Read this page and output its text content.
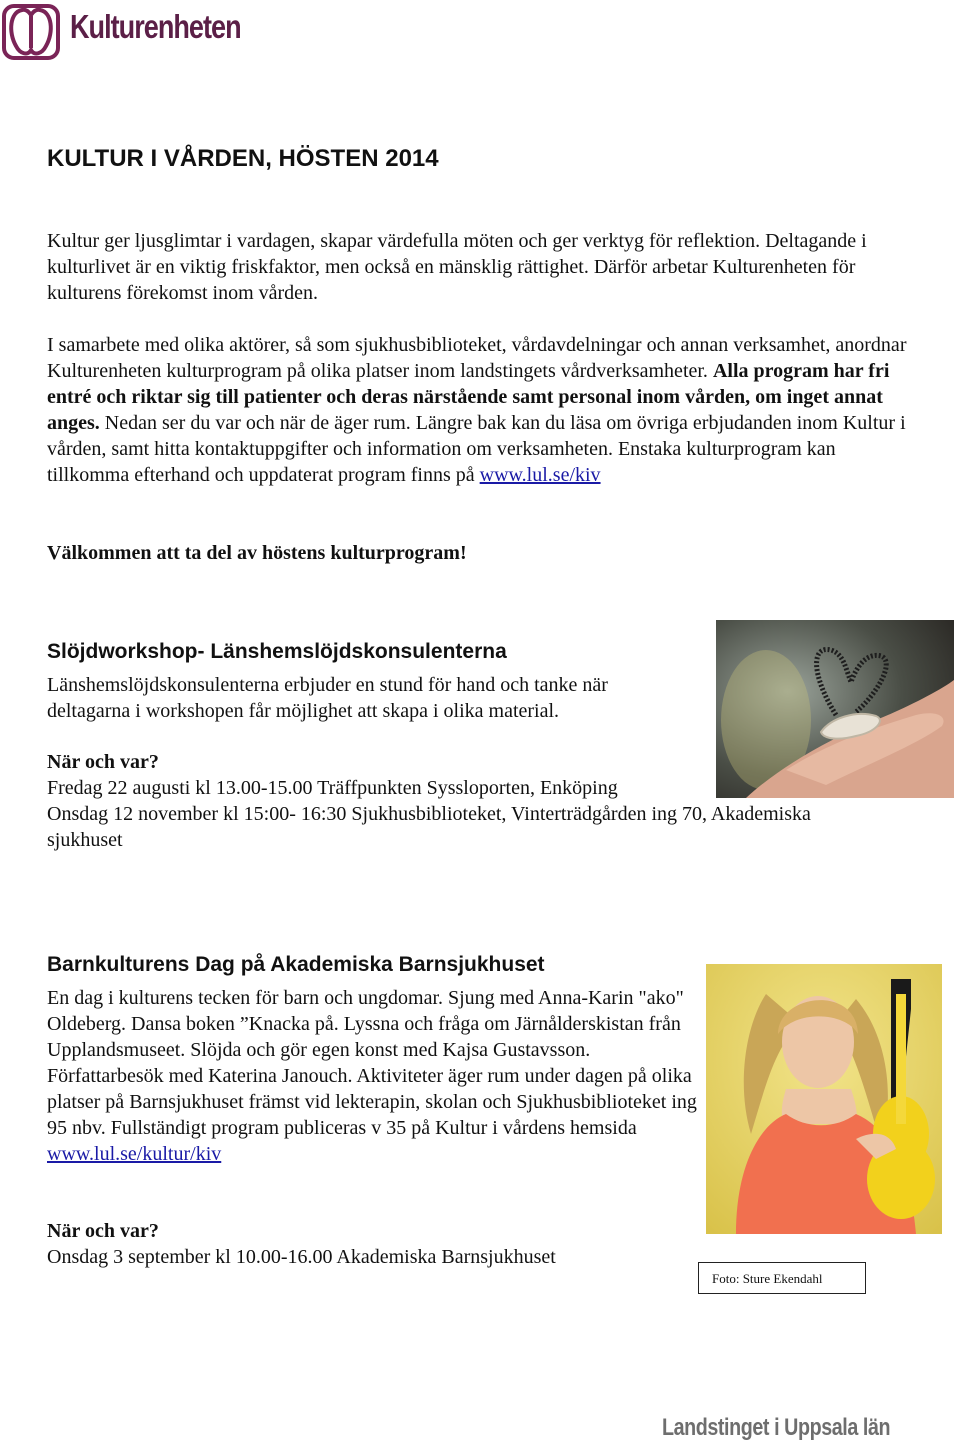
Kulturenheten
KULTUR I VÅRDEN, HÖSTEN 2014
Kultur ger ljusglimtar i vardagen, skapar värdefulla möten och ger verktyg för reflektion. Deltagande i kulturlivet är en viktig friskfaktor, men också en mänsklig rättighet. Därför arbetar Kulturenheten för kulturens förekomst inom vården.
I samarbete med olika aktörer, så som sjukhusbiblioteket, vårdavdelningar och annan verksamhet, anordnar Kulturenheten kulturprogram på olika platser inom landstingets vårdverksamheter. Alla program har fri entré och riktar sig till patienter och deras närstående samt personal inom vården, om inget annat anges. Nedan ser du var och när de äger rum. Längre bak kan du läsa om övriga erbjudanden inom Kultur i vården, samt hitta kontaktuppgifter och information om verksamheten. Enstaka kulturprogram kan tillkomma efterhand och uppdaterat program finns på www.lul.se/kiv
Välkommen att ta del av höstens kulturprogram!
Slöjdworkshop- Länshemslöjdskonsulenterna
Länshemslöjdskonsulenterna erbjuder en stund för hand och tanke när deltagarna i workshopen får möjlighet att skapa i olika material.
När och var?
Fredag 22 augusti kl 13.00-15.00 Träffpunkten Syssloporten, Enköping
Onsdag 12 november kl 15:00- 16:30 Sjukhusbiblioteket, Vinterträdgården ing 70, Akademiska sjukhuset
Barnkulturens Dag på Akademiska Barnsjukhuset
En dag i kulturens tecken för barn och ungdomar. Sjung med Anna-Karin "ako" Oldeberg. Dansa boken ”Knacka på. Lyssna och fråga om Järnålderskistan från Upplandsmuseet. Slöjda och gör egen konst med Kajsa Gustavsson. Författarbesök med Katerina Janouch. Aktiviteter äger rum under dagen på olika platser på Barnsjukhuset främst vid lekterapin, skolan och Sjukhusbiblioteket ing 95 nbv. Fullständigt program publiceras v 35 på Kultur i vårdens hemsida www.lul.se/kultur/kiv
När och var?
Onsdag 3 september kl 10.00-16.00 Akademiska Barnsjukhuset
Foto: Sture Ekendahl
Landstinget i Uppsala län
